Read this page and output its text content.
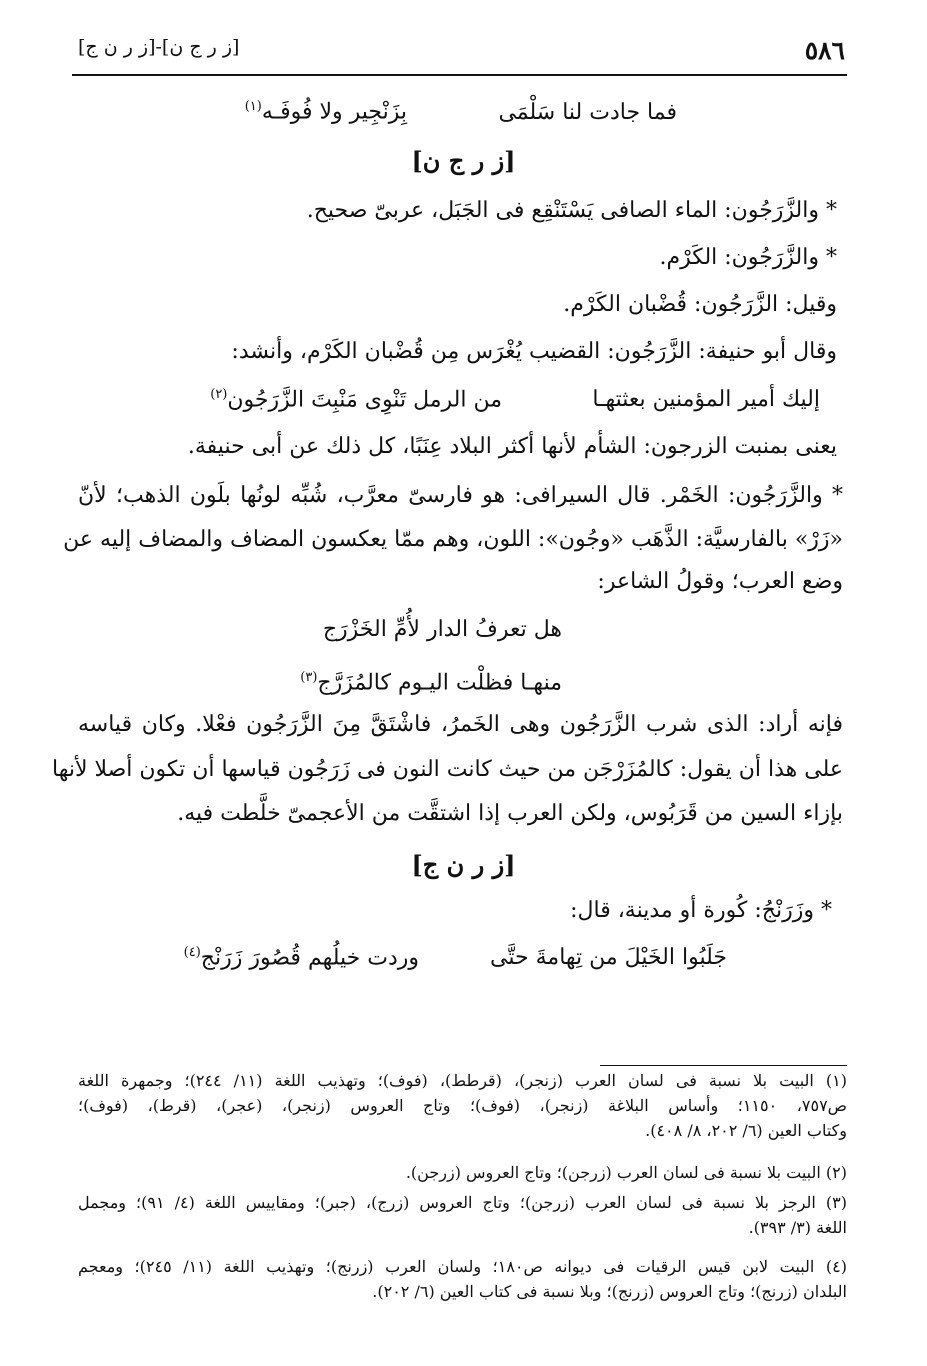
٥٨٦
[ز ر ج ن]-[ز ر ن ج]
فما جادت لنا سَلْمَى
بِزَنْجِير ولا فُوفَـه$^{(١)}$
[ز ر ج ن]
* والزَّرَجُون: الماء الصافى يَسْتَنْقِع فى الجَبَل، عربىّ صحيح.
* والزَّرَجُون: الكَرْم.
وقيل: الزَّرَجُون: قُضْبان الكَرْم.
وقال أبو حنيفة: الزَّرَجُون: القضيب يُغْرَس مِن قُضْبان الكَرْم، وأنشد:
إليك أمير المؤمنين بعثتهـا
من الرمل تَنْوِى مَنْبِتَ الزَّرَجُون$^{(٢)}$
يعنى بمنبت الزرجون: الشأم لأنها أكثر البلاد عِنَبًا، كل ذلك عن أبى حنيفة.
* والزَّرَجُون: الخَمْر. قال السيرافى: هو فارسىّ معرَّب، شُبِّه لونُها بلَون الذهب؛ لأنّ
«زَرْ» بالفارسيَّة: الذَّهَب «وجُون»: اللون، وهم ممّا يعكسون المضاف والمضاف إليه عن
وضع العرب؛ وقولُ الشاعر:
هل تعرفُ الدار لأُمِّ الخَزْرَج
منهـا فظلْت اليـوم كالمُزَرَّج$^{(٣)}$
فإنه أراد: الذى شرب الزَّرَجُون وهى الخَمرُ، فاشْتَقَّ مِنَ الزَّرَجُون فعْلا. وكان قياسه
على هذا أن يقول: كالمُزَرْجَن من حيث كانت النون فى زَرَجُون قياسها أن تكون أصلا لأنها
بإزاء السين من قَرَبُوس، ولكن العرب إذا اشتقَّت من الأعجمىّ خلَّطت فيه.
[ز ر ن ج]
* وزَرَنْجُ: كُورة أو مدينة، قال:
جَلَبُوا الخَيْلَ من تِهامةَ حتَّى
وردت خيلُهم قُصُورَ زَرَنْج$^{(٤)}$

(١) البيت بلا نسبة فى لسان العرب (زنجر)، (قرطط)، (فوف)؛ وتهذيب اللغة (١١/ ٢٤٤)؛ وجمهرة اللغة

ص٧٥٧، ١١٥٠؛ وأساس البلاغة (زنجر)، (فوف)؛ وتاج العروس (زنجر)، (عجر)، (قرط)، (فوف)؛

وكتاب العين (٦/ ٢٠٢، ٨/ ٤٠٨).

(٢) البيت بلا نسبة فى لسان العرب (زرجن)؛ وتاج العروس (زرجن).

(٣) الرجز بلا نسبة فى لسان العرب (زرجن)؛ وتاج العروس (زرج)، (جبر)؛ ومقاييس اللغة (٤/ ٩١)؛ ومجمل

اللغة (٣/ ٣٩٣).

(٤) البيت لابن قيس الرقيات فى ديوانه ص١٨٠؛ ولسان العرب (زرنج)؛ وتهذيب اللغة (١١/ ٢٤٥)؛ ومعجم

البلدان (زرنج)؛ وتاج العروس (زرنج)؛ وبلا نسبة فى كتاب العين (٦/ ٢٠٢).
